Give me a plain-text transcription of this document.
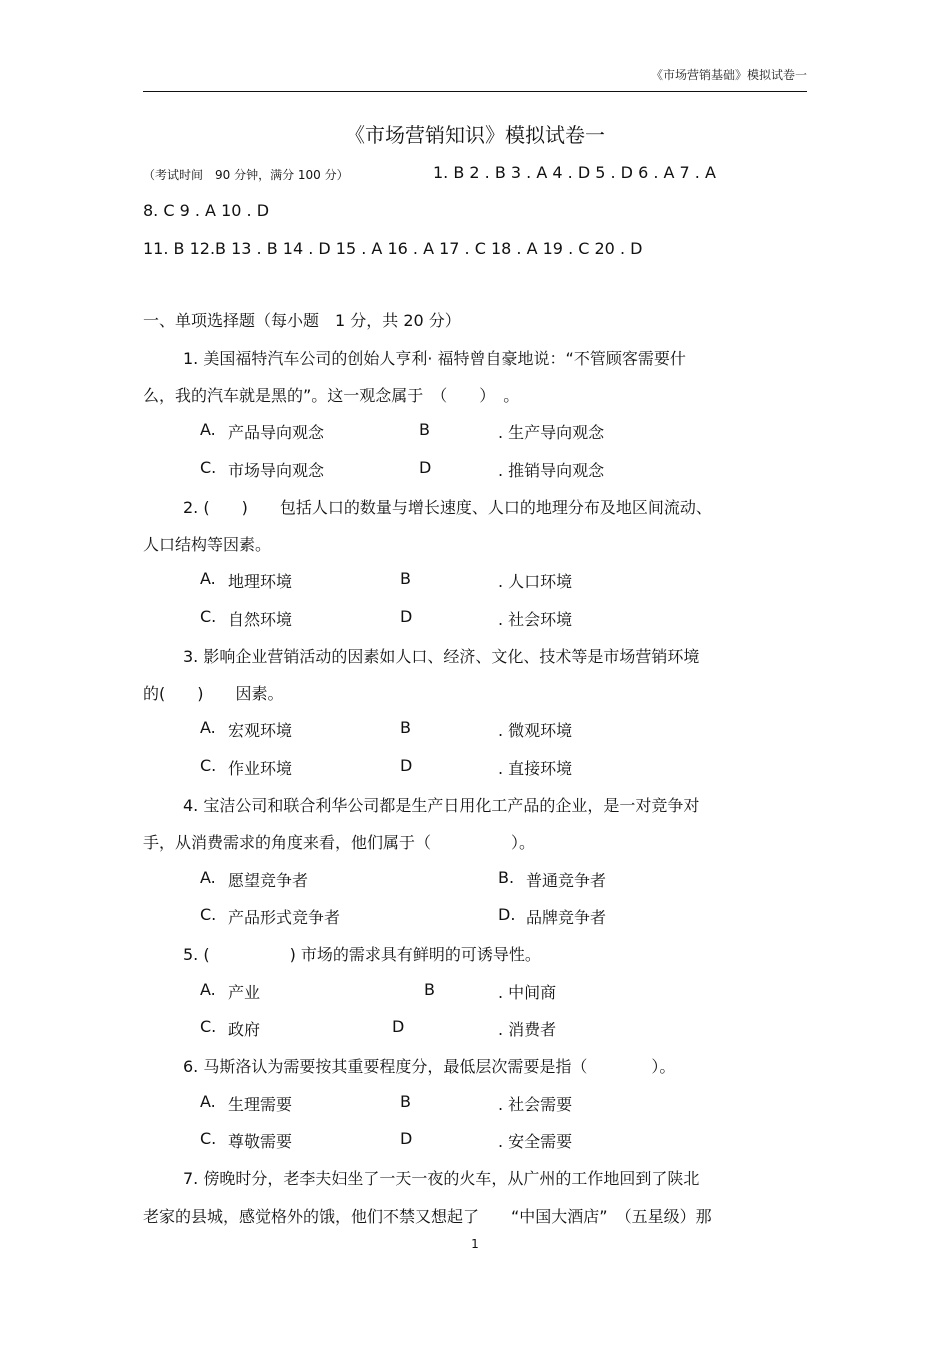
《市场营销基础》模拟试卷一
《市场营销知识》模拟试卷一
（考试时间　90 分钟，满分 100 分）	1. B 2 . B 3 . A 4 . D 5 . D 6 . A 7 . A
8. C 9 . A 10 . D
11. B 12.B 13 . B 14 . D 15 . A 16 . A 17 . C 18 . A 19 . C 20 . D
一、单项选择题（每小题　1 分，共 20 分）
1. 美国福特汽车公司的创始人亨利· 福特曾自豪地说：“不管顾客需要什
么，我的汽车就是黑的”。这一观念属于　（　　）　。
A. 产品导向观念	B	. 生产导向观念
C. 市场导向观念	D	. 推销导向观念
2. (　　)　　包括人口的数量与增长速度、人口的地理分布及地区间流动、
人口结构等因素。
A. 地理环境	B	. 人口环境
C. 自然环境	D	. 社会环境
3. 影响企业营销活动的因素如人口、经济、文化、技术等是市场营销环境
的(　　)　　因素。
A. 宏观环境	B	. 微观环境
C. 作业环境	D	. 直接环境
4. 宝洁公司和联合利华公司都是生产日用化工产品的企业，是一对竞争对
手，从消费需求的角度来看，他们属于（　　　　　）。
A. 愿望竞争者	B. 普通竞争者
C. 产品形式竞争者	D. 品牌竞争者
5. (　　　　　) 市场的需求具有鲜明的可诱导性。
A. 产业	B	. 中间商
C. 政府	D	. 消费者
6. 马斯洛认为需要按其重要程度分，最低层次需要是指（　　　　）。
A. 生理需要	B	. 社会需要
C. 尊敬需要	D	. 安全需要
7. 傍晚时分，老李夫妇坐了一天一夜的火车，从广州的工作地回到了陕北
老家的县城，感觉格外的饿，他们不禁又想起了　　“中国大酒店”　（五星级）那
1
